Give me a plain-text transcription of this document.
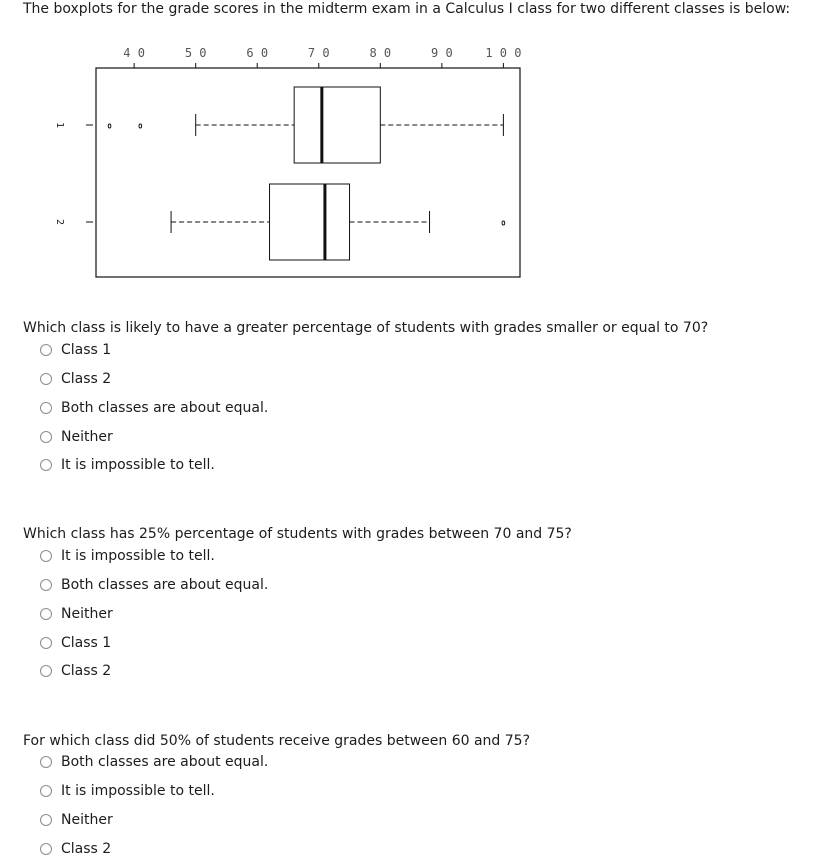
The boxplots for the grade scores in the midterm exam in a Calculus I class for two different classes is below:
4 0	5 0	6 0	7 0	8 0	9 0	1 0 0
1
2
Which class is likely to have a greater percentage of students with grades smaller or equal to 70?
Class 1
Class 2
Both classes are about equal.
Neither
It is impossible to tell.
Which class has 25% percentage of students with grades between 70 and 75?
It is impossible to tell.
Both classes are about equal.
Neither
Class 1
Class 2
For which class did 50% of students receive grades between 60 and 75?
Both classes are about equal.
It is impossible to tell.
Neither
Class 2
